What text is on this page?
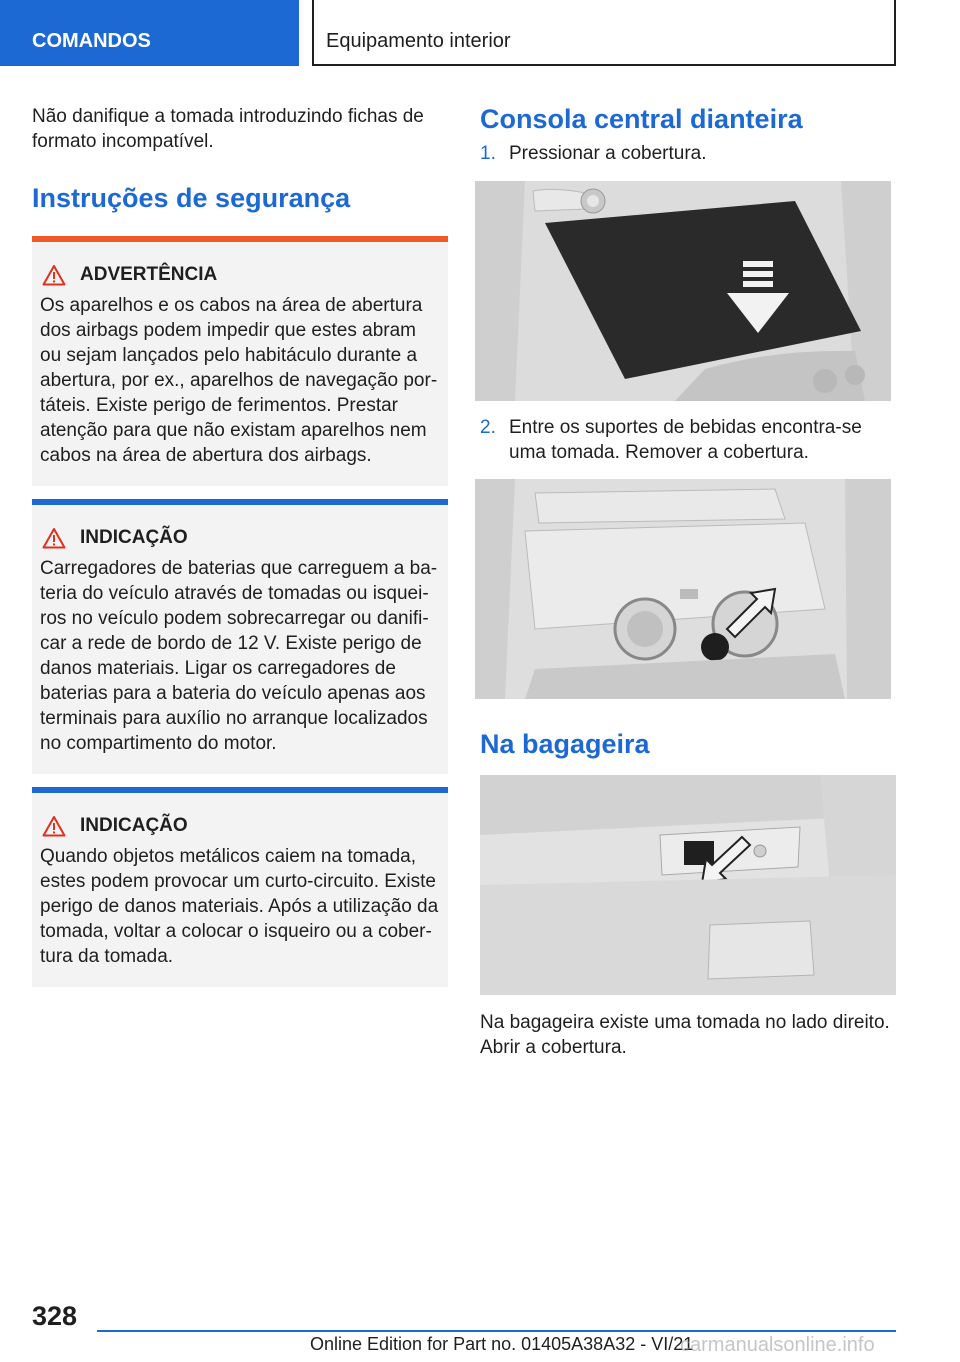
COMANDOS	Equipamento interior

Não danifique a tomada introduzindo fichas de formato incompatível.

Instruções de segurança
ADVERTÊNCIA

Os aparelhos e os cabos na área de abertura dos airbags podem impedir que estes abram ou sejam lançados pelo habitáculo durante a abertura, por ex., aparelhos de navegação portáteis. Existe perigo de ferimentos. Prestar atenção para que não existam aparelhos nem cabos na área de abertura dos airbags.

INDICAÇÃO

Carregadores de baterias que carreguem a bateria do veículo através de tomadas ou isqueiros no veículo podem sobrecarregar ou danificar a rede de bordo de 12 V. Existe perigo de danos materiais. Ligar os carregadores de baterias para a bateria do veículo apenas aos terminais para auxílio no arranque localizados no compartimento do motor.

INDICAÇÃO

Quando objetos metálicos caiem na tomada, estes podem provocar um curto-circuito. Existe perigo de danos materiais. Após a utilização da tomada, voltar a colocar o isqueiro ou a cobertura da tomada.

Consola central dianteira
1. Pressionar a cobertura.
2. Entre os suportes de bebidas encontra-se uma tomada. Remover a cobertura.
Na bagageira

Na bagageira existe uma tomada no lado direito. Abrir a cobertura.

328
Online Edition for Part no. 01405A38A32 - VI/21
carmanualsonline.info
